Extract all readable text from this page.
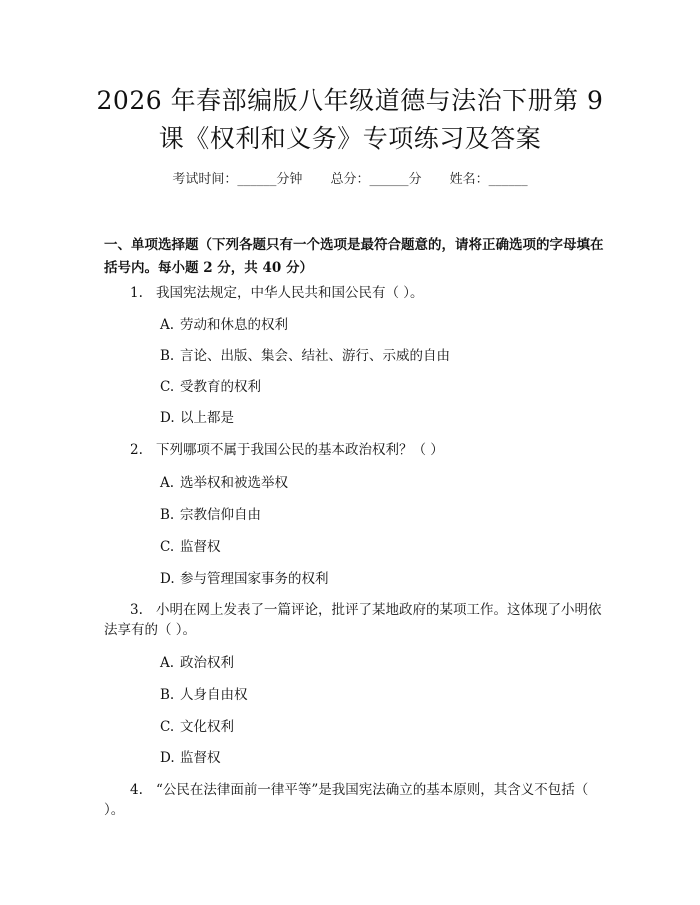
2026 年春部编版八年级道德与法治下册第 9
课《权利和义务》专项练习及答案
考试时间：______分钟 总分：______分 姓名：______
一、单项选择题（下列各题只有一个选项是最符合题意的，请将正确选项的字母填在括号内。每小题 2 分，共 40 分）
1. 我国宪法规定，中华人民共和国公民有（ ）。
A. 劳动和休息的权利
B. 言论、出版、集会、结社、游行、示威的自由
C. 受教育的权利
D. 以上都是
2. 下列哪项不属于我国公民的基本政治权利？（ ）
A. 选举权和被选举权
B. 宗教信仰自由
C. 监督权
D. 参与管理国家事务的权利
3. 小明在网上发表了一篇评论，批评了某地政府的某项工作。这体现了小明依法享有的（ ）。
A. 政治权利
B. 人身自由权
C. 文化权利
D. 监督权
4. “公民在法律面前一律平等”是我国宪法确立的基本原则，其含义不包括（ ）。
